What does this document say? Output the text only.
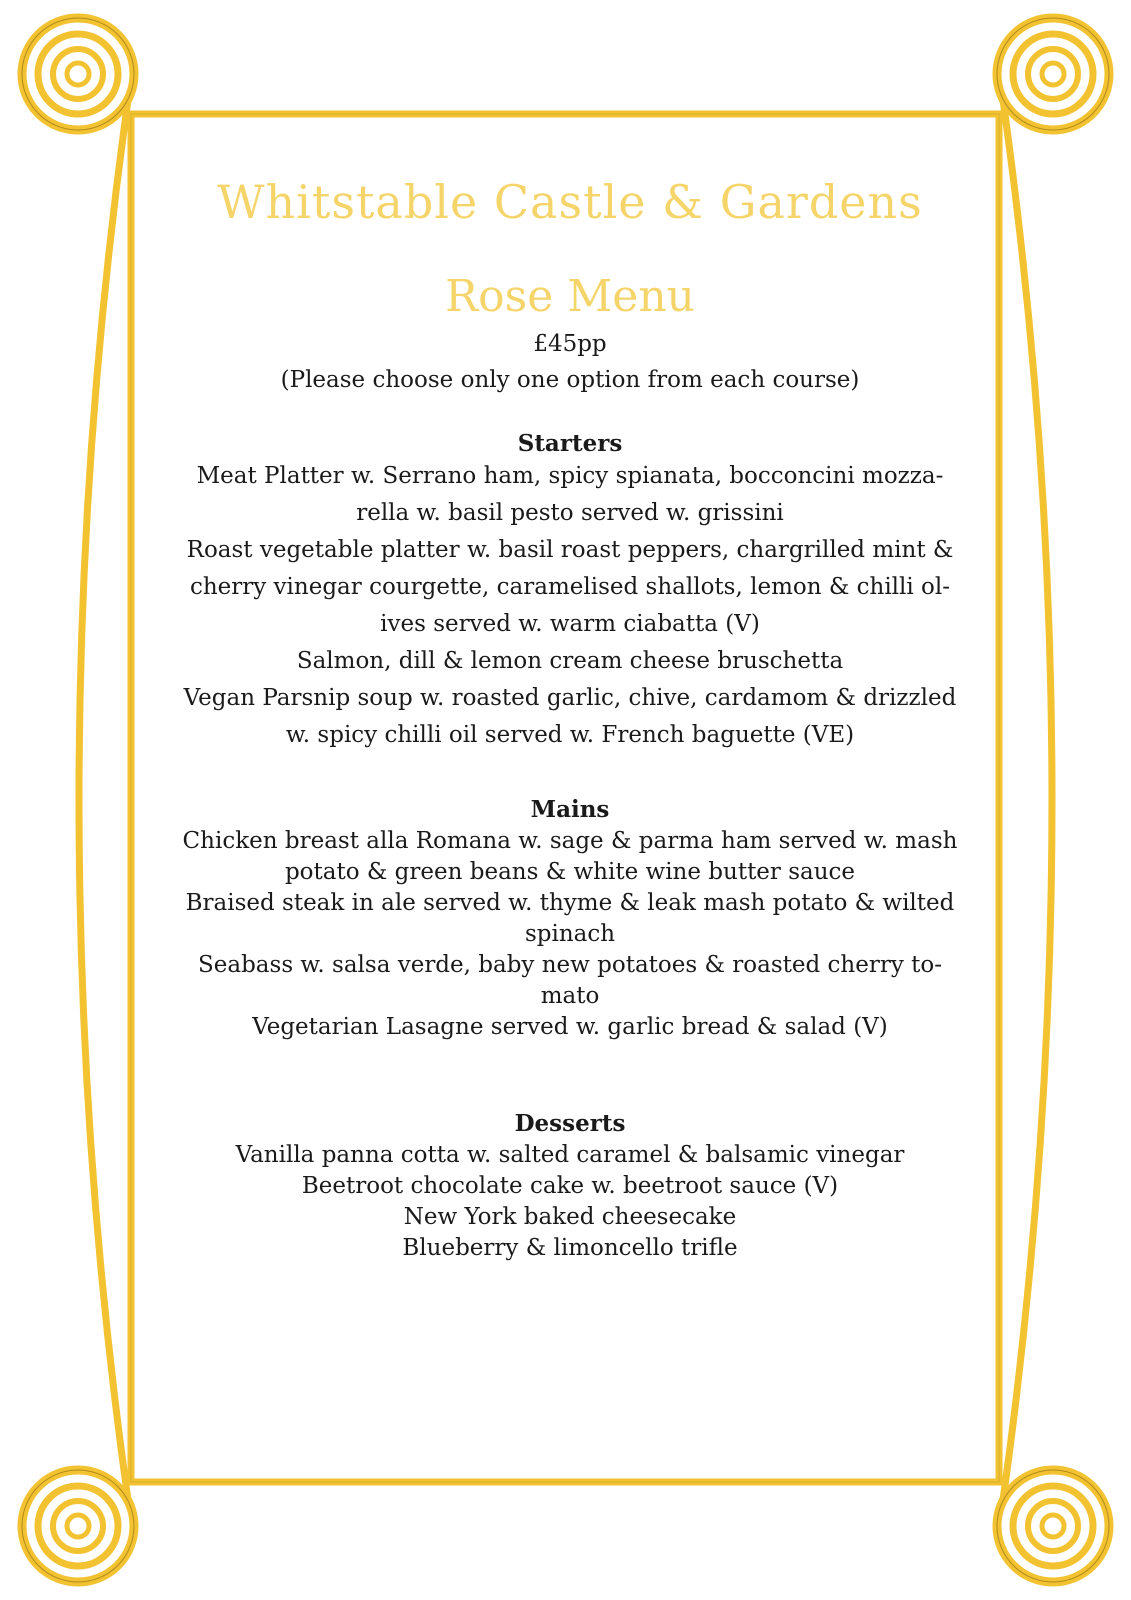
Whitstable Castle & Gardens
Rose Menu
£45pp
(Please choose only one option from each course)
Starters
Meat Platter w. Serrano ham, spicy spianata, bocconcini mozza- rella w. basil pesto served w. grissini
Roast vegetable platter w. basil roast peppers, chargrilled mint & cherry vinegar courgette, caramelised shallots, lemon & chilli ol- ives served w. warm ciabatta (V)
Salmon, dill & lemon cream cheese bruschetta
Vegan Parsnip soup w. roasted garlic, chive, cardamom & drizzled w. spicy chilli oil served w. French baguette (VE)
Mains
Chicken breast alla Romana w. sage & parma ham served w. mash potato & green beans & white wine butter sauce
Braised steak in ale served w. thyme & leak mash potato & wilted spinach
Seabass w. salsa verde, baby new potatoes & roasted cherry to- mato
Vegetarian Lasagne served w. garlic bread & salad (V)
Desserts
Vanilla panna cotta w. salted caramel & balsamic vinegar
Beetroot chocolate cake w. beetroot sauce (V)
New York baked cheesecake
Blueberry & limoncello trifle
